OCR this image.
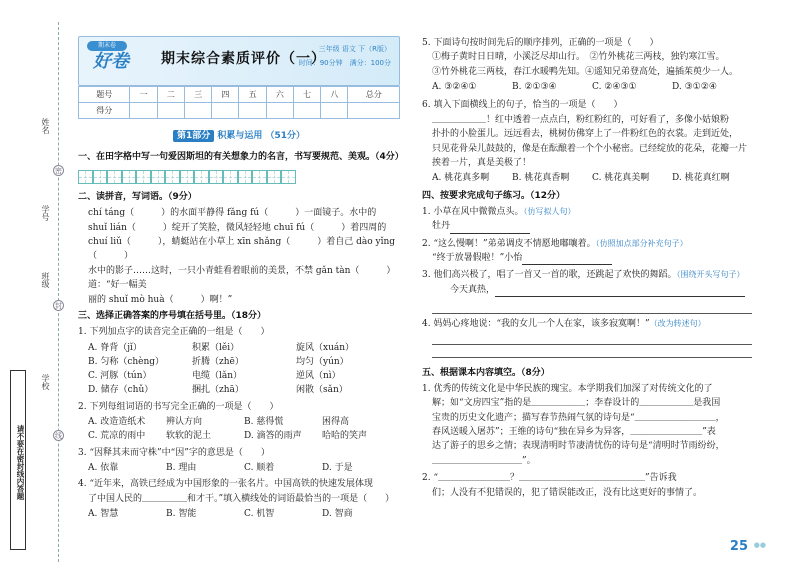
姓名
学号
班级
学校
密
封
线
请不要在密封线内答题
期末卷
好卷 期末综合素质评价（一）
三年级 语文 下（R版）
时间：90分钟　满分：100分
题号	一	二	三	四	五	六	七	八	总分
得分									
第1部分 积累与运用 （51分）
一、在田字格中写一句爱因斯坦的有关想象力的名言，书写要规范、美观。（4分）
二、读拼音，写词语。（9分）
chí táng（　　　）的水面平静得 fǎng fú（　　　）一面镜子。水中的
shuǐ lián（　　　）绽开了笑脸，微风轻轻地 chuī fú（　　　）着四周的
chuí liǔ（　　　），蜻蜓站在小草上 xīn shǎng（　　　）着自己 dào yǐng（　　　）
水中的影子……这时，一只小青蛙看着眼前的美景，不禁 gǎn tàn（　　　）道：“好一幅美
丽的 shuǐ mò huà（　　　）啊！”
三、选择正确答案的序号填在括号里。（18分）
1. 下列加点字的读音完全正确的一组是（　　）
A. 脊背（jǐ）	积累（lěi）	旋风（xuán）
B. 匀称（chèng）	折腾（zhē）	均匀（yún）
C. 河豚（tún）	电缆（lǎn）	逆风（nì）
D. 储存（chǔ）	捆扎（zhā）	闲散（sǎn）
2. 下列每组词语的书写完全正确的一项是（　　）
A. 改造造纸术	辨认方向	B. 慈得慌	困得高
C. 荒凉的雨中	软软的泥土	D. 滴答的雨声	哈哈的笑声
3. “因释其耒而守株”中“因”字的意思是（　　）
A. 依靠	B. 理由	C. 顺着	D. 于是
4. “近年来，高铁已经成为中国形象的一张名片。中国高铁的快速发展体现
了中国人民的＿＿＿＿＿和才干。”填入横线处的词语最恰当的一项是（　　）
A. 智慧	B. 智能	C. 机智	D. 智商
5. 下面诗句按时间先后的顺序排列，正确的一项是（　　）
①梅子黄时日日晴，小溪泛尽却山行。　②竹外桃花三两枝，独钓寒江雪。
③竹外桃花三两枝，春江水暖鸭先知。④遥知兄弟登高处，遍插茱萸少一人。
A. ③②④①	B. ②①③④	C. ②④③①	D. ③①②④
6. 填入下面横线上的句子，恰当的一项是（　　）
＿＿＿＿＿＿！红中透着一点点白，粉红粉红的，可好看了，多像小姑娘粉
扑扑的小脸蛋儿。远远看去，桃树仿佛穿上了一件粉红色的衣裳。走到近处，
只见花骨朵儿鼓鼓的，像是在酝酿着一个个小秘密。已经绽放的花朵，花瓣一片挨着一片，真是美极了！
A. 桃花真多啊	B. 桃花真香啊	C. 桃花真美啊	D. 桃花真红啊
四、按要求完成句子练习。（12分）
1. 小草在风中微微点头。（仿写拟人句）
牡丹
2. “这么慢啊！”弟弟调皮不情愿地嘟嚷着。（仿照加点部分补充句子）
“终于放暑假啦！”小怡
3. 他们高兴极了，唱了一首又一首的歌，还跳起了欢快的舞蹈。（围绕开头写句子）
今天真热，
4. 妈妈心疼地说：“我的女儿一个人在家，该多寂寞啊！”（改为转述句）
五、根据课本内容填空。（8分）
1. 优秀的传统文化是中华民族的瑰宝。本学期我们加深了对传统文化的了
解；如“文房四宝”指的是＿＿＿＿＿＿；李春设计的＿＿＿＿＿＿是我国
宝贵的历史文化遗产；描写春节热闹气氛的诗句是“＿＿＿＿＿＿＿＿＿，
春风送暖入屠苏”；王维的诗句“独在异乡为异客，＿＿＿＿＿＿＿＿”表
达了游子的思乡之情；表现清明时节凄清忧伤的诗句是“清明时节雨纷纷，
＿＿＿＿＿＿＿＿＿＿”。
2. “＿＿＿＿＿＿＿＿？＿＿＿＿＿＿＿＿＿＿＿＿＿＿”告诉我
们；人没有不犯错误的，犯了错误能改正，没有比这更好的事情了。
25 ●●
